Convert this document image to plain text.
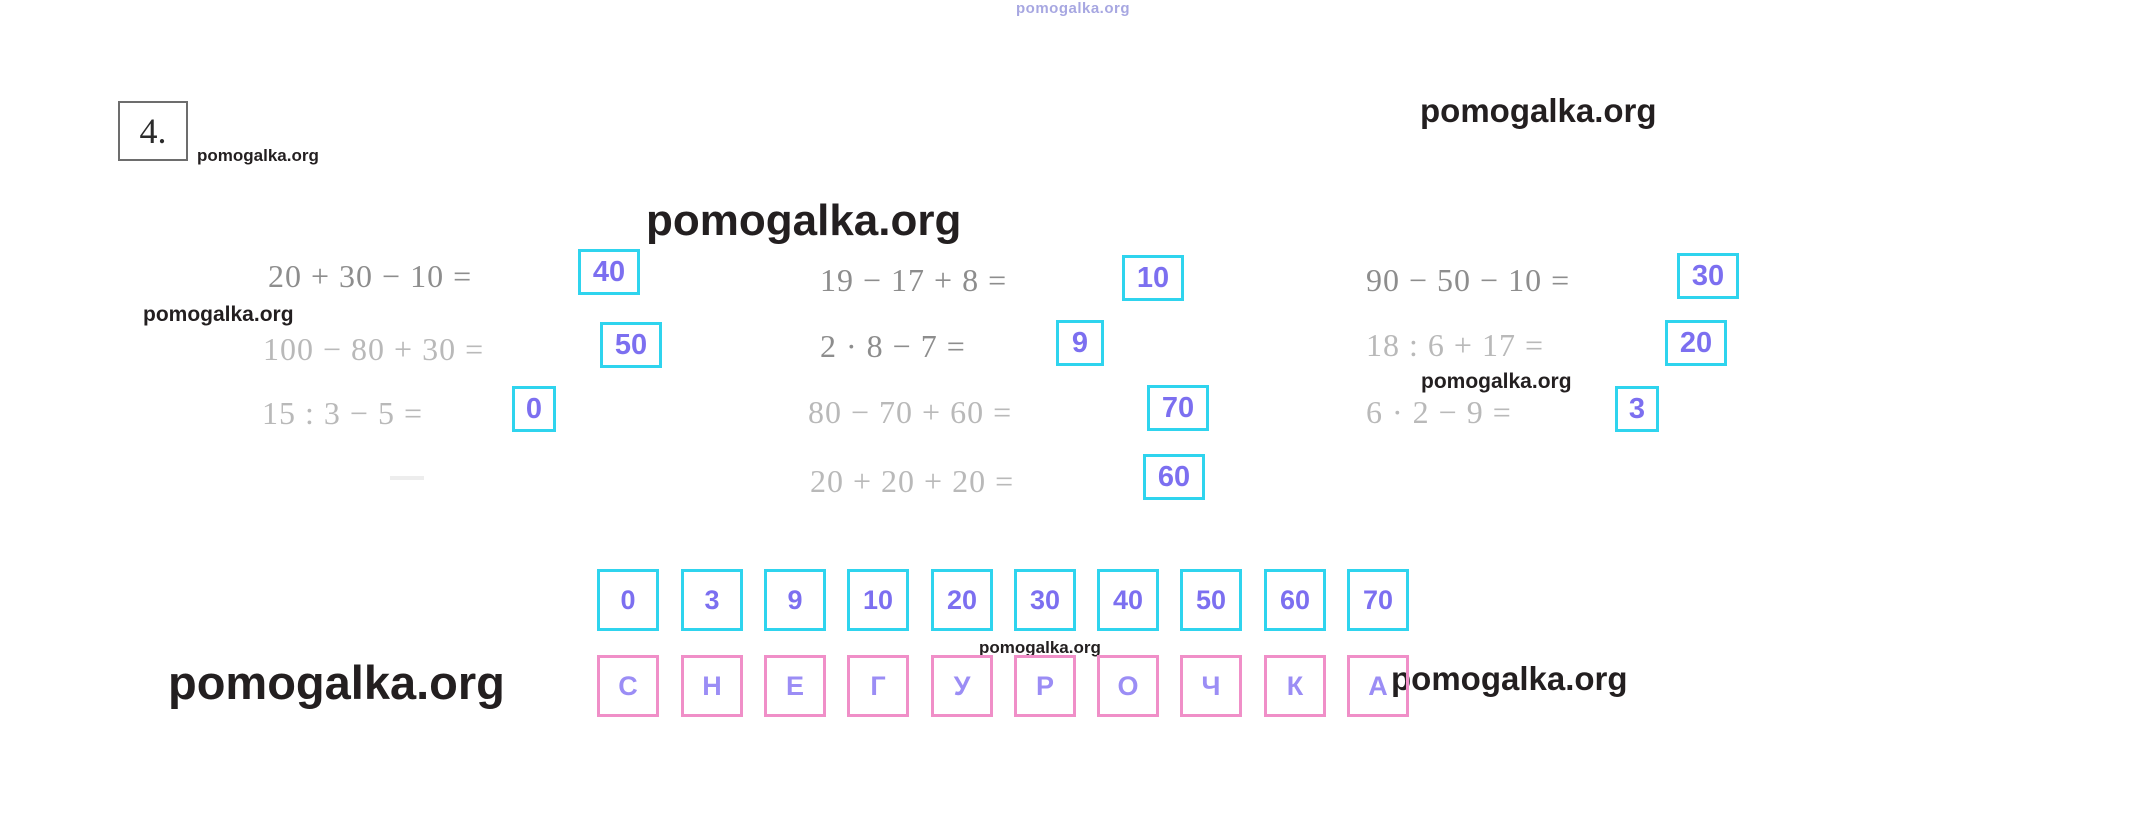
pomogalka.org
pomogalka.org
pomogalka.org
pomogalka.org
pomogalka.org
pomogalka.org
pomogalka.org
pomogalka.org	pomogalka.org
4.
20 + 30 − 10 =	40
100 − 80 + 30 =	50
15 : 3 − 5 =	0
19 − 17 + 8 =	10
2 · 8 − 7 =	9
80 − 70 + 60 =	70
20 + 20 + 20 =	60
90 − 50 − 10 =	30
18 : 6 + 17 =	20
6 · 2 − 9 =	3
0	3	9	10	20	30	40	50	60	70
С	Н	Е	Г	У	Р	О	Ч	К	А
